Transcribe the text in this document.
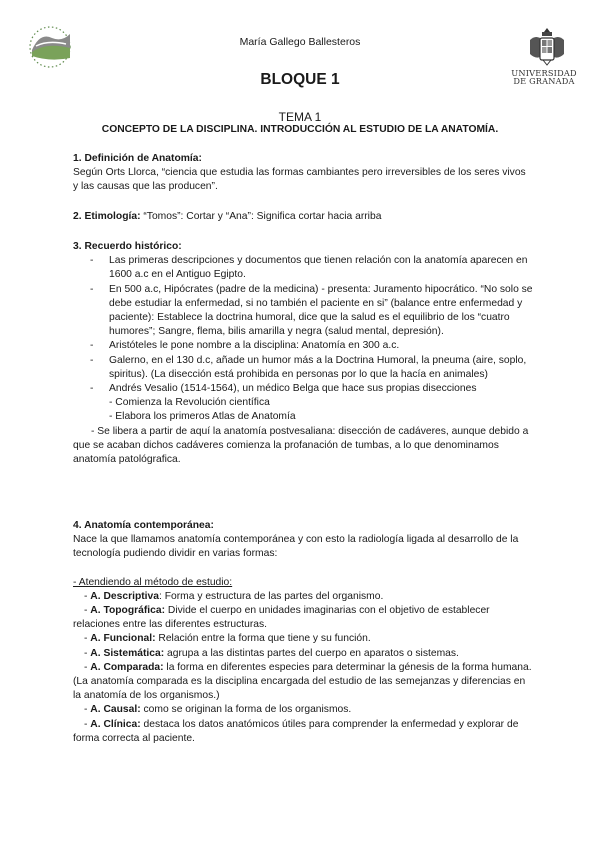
UNIVERSIDAD
DE GRANADA
María Gallego Ballesteros
BLOQUE 1
TEMA 1
CONCEPTO DE LA DISCIPLINA. INTRODUCCIÓN AL ESTUDIO DE LA ANATOMÍA.
1. Definición de Anatomía:
Según Orts Llorca, “ciencia que estudia las formas cambiantes pero irreversibles de los seres vivos y las causas que las producen”.
2. Etimología: “Tomos”: Cortar y “Ana”: Significa cortar hacia arriba
3. Recuerdo histórico:
- Las primeras descripciones y documentos que tienen relación con la anatomía aparecen en 1600 a.c en el Antiguo Egipto.
- En 500 a.c, Hipócrates (padre de la medicina) - presenta: Juramento hipocrático. “No solo se debe estudiar la enfermedad, si no también el paciente en si” (balance entre enfermedad y paciente): Establece la doctrina humoral, dice que la salud es el equilibrio de los “cuatro humores”; Sangre, flema, bilis amarilla y negra (salud mental, depresión).
- Aristóteles le pone nombre a la disciplina: Anatomía en 300 a.c.
- Galerno, en el 130 d.c, añade un humor más a la Doctrina Humoral, la pneuma (aire, soplo, spiritus). (La disección está prohibida en personas por lo que la hacía en animales)
- Andrés Vesalio (1514-1564), un médico Belga que hace sus propias disecciones
- Comienza la Revolución científica
- Elabora los primeros Atlas de Anatomía
- Se libera a partir de aquí la anatomía postvesaliana: disección de cadáveres, aunque debido a que se acaban dichos cadáveres comienza la profanación de tumbas, a lo que denominamos anatomía patológrafica.
4. Anatomía contemporánea:
Nace la que llamamos anatomía contemporánea y con esto la radiología ligada al desarrollo de la tecnología pudiendo dividir en varias formas:
- Atendiendo al método de estudio:
- A. Descriptiva: Forma y estructura de las partes del organismo.
- A. Topográfica: Divide el cuerpo en unidades imaginarias con el objetivo de establecer relaciones entre las diferentes estructuras.
- A. Funcional: Relación entre la forma que tiene y su función.
- A. Sistemática: agrupa a las distintas partes del cuerpo en aparatos o sistemas.
- A. Comparada: la forma en diferentes especies para determinar la génesis de la forma humana. (La anatomía comparada es la disciplina encargada del estudio de las semejanzas y diferencias en la anatomía de los organismos.)
- A. Causal: como se originan la forma de los organismos.
- A. Clínica: destaca los datos anatómicos útiles para comprender la enfermedad y explorar de forma correcta al paciente.
